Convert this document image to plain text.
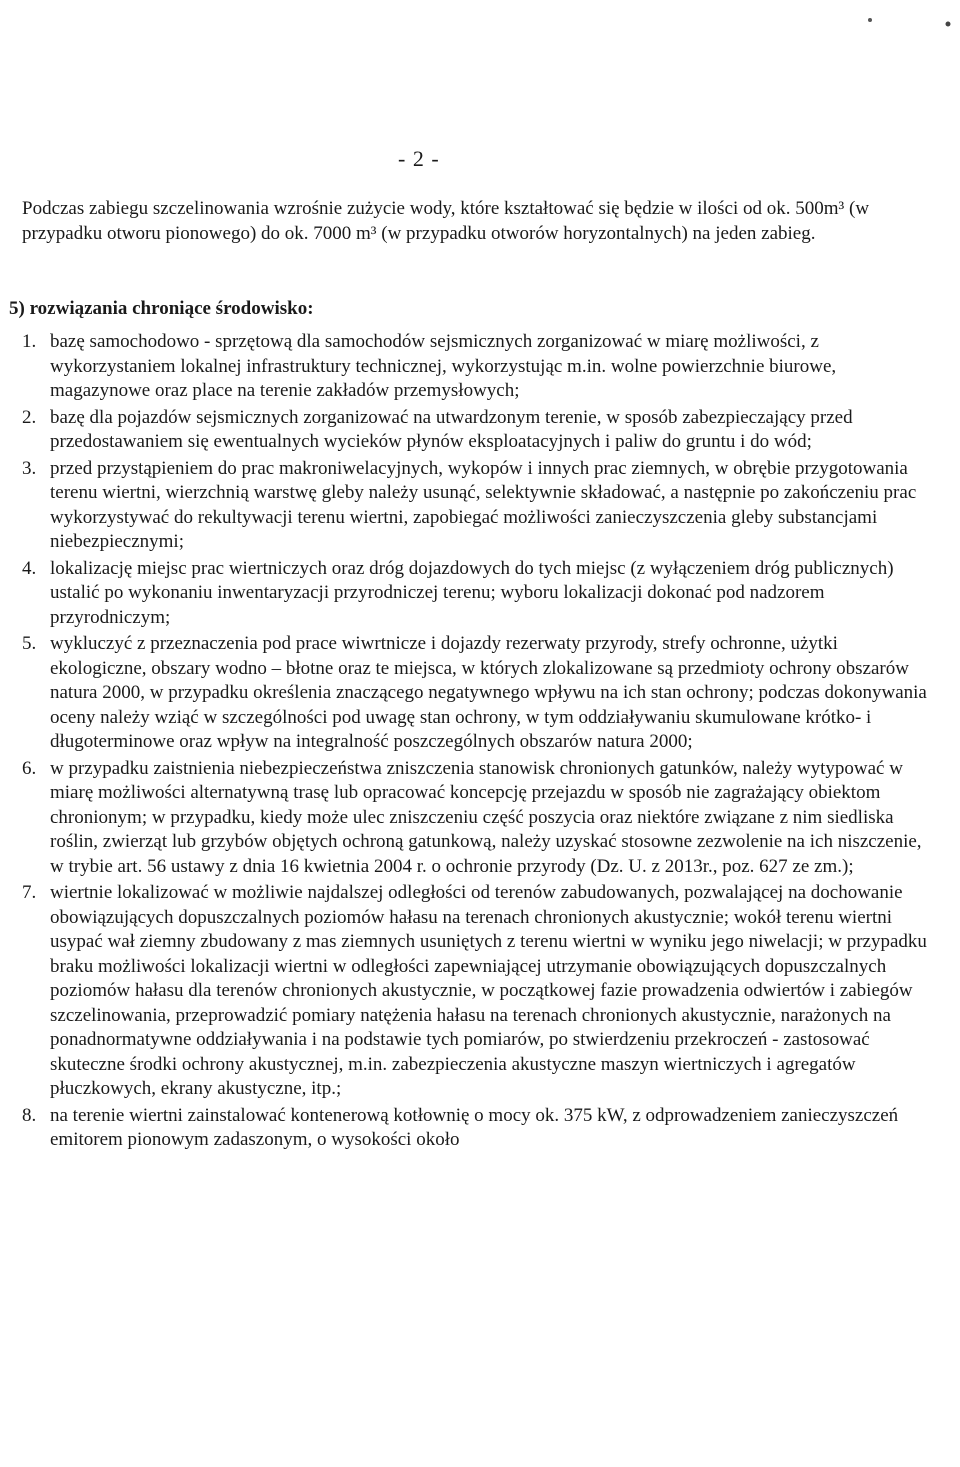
- 2 -

Podczas zabiegu szczelinowania wzrośnie zużycie wody, które kształtować się będzie w ilości od ok. 500m³ (w przypadku otworu pionowego) do ok. 7000 m³ (w przypadku otworów horyzontalnych) na jeden zabieg.

5) rozwiązania chroniące środowisko:

1. bazę samochodowo - sprzętową dla samochodów sejsmicznych zorganizować w miarę możliwości, z wykorzystaniem lokalnej infrastruktury technicznej, wykorzystując m.in. wolne powierzchnie biurowe, magazynowe oraz place na terenie zakładów przemysłowych;
2. bazę dla pojazdów sejsmicznych zorganizować na utwardzonym terenie, w sposób zabezpieczający przed przedostawaniem się ewentualnych wycieków płynów eksploatacyjnych i paliw do gruntu i do wód;
3. przed przystąpieniem do prac makroniwelacyjnych, wykopów i innych prac ziemnych, w obrębie przygotowania terenu wiertni, wierzchnią warstwę gleby należy usunąć, selektywnie składować, a następnie po zakończeniu prac wykorzystywać do rekultywacji terenu wiertni, zapobiegać możliwości zanieczyszczenia gleby substancjami niebezpiecznymi;
4. lokalizację miejsc prac wiertniczych oraz dróg dojazdowych do tych miejsc (z wyłączeniem dróg publicznych) ustalić po wykonaniu inwentaryzacji przyrodniczej terenu; wyboru lokalizacji dokonać pod nadzorem przyrodniczym;
5. wykluczyć z przeznaczenia pod prace wiwrtnicze i dojazdy rezerwaty przyrody, strefy ochronne, użytki ekologiczne, obszary wodno – błotne oraz te miejsca, w których zlokalizowane są przedmioty ochrony obszarów natura 2000, w przypadku określenia znaczącego negatywnego wpływu na ich stan ochrony; podczas dokonywania oceny należy wziąć w szczególności pod uwagę stan ochrony, w tym oddziaływaniu skumulowane krótko- i długoterminowe oraz wpływ na integralność poszczególnych obszarów natura 2000;
6. w przypadku zaistnienia niebezpieczeństwa zniszczenia stanowisk chronionych gatunków, należy wytypować w miarę możliwości alternatywną trasę lub opracować koncepcję przejazdu w sposób nie zagrażający obiektom chronionym; w przypadku, kiedy może ulec zniszczeniu część poszycia oraz niektóre związane z nim siedliska roślin, zwierząt lub grzybów objętych ochroną gatunkową, należy uzyskać stosowne zezwolenie na ich niszczenie, w trybie art. 56 ustawy z dnia 16 kwietnia 2004 r. o ochronie przyrody (Dz. U. z 2013r., poz. 627 ze zm.);
7. wiertnie lokalizować w możliwie najdalszej odległości od terenów zabudowanych, pozwalającej na dochowanie obowiązujących dopuszczalnych poziomów hałasu na terenach chronionych akustycznie; wokół terenu wiertni usypać wał ziemny zbudowany z mas ziemnych usuniętych z terenu wiertni w wyniku jego niwelacji; w przypadku braku możliwości lokalizacji wiertni w odległości zapewniającej utrzymanie obowiązujących dopuszczalnych poziomów hałasu dla terenów chronionych akustycznie, w początkowej fazie prowadzenia odwiertów i zabiegów szczelinowania, przeprowadzić pomiary natężenia hałasu na terenach chronionych akustycznie, narażonych na ponadnormatywne oddziaływania i na podstawie tych pomiarów, po stwierdzeniu przekroczeń - zastosować skuteczne środki ochrony akustycznej, m.in. zabezpieczenia akustyczne maszyn wiertniczych i agregatów płuczkowych, ekrany akustyczne, itp.;
8. na terenie wiertni zainstalować kontenerową kotłownię o mocy ok. 375 kW, z odprowadzeniem zanieczyszczeń emitorem pionowym zadaszonym, o wysokości około
